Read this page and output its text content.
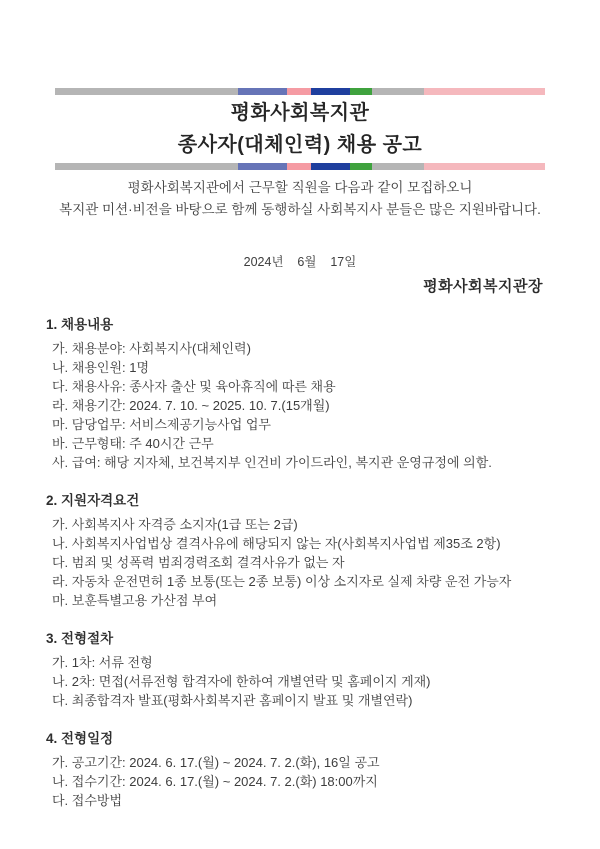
평화사회복지관
종사자(대체인력) 채용 공고
평화사회복지관에서 근무할 직원을 다음과 같이 모집하오니
복지관 미션·비전을 바탕으로 함께 동행하실 사회복지사 분들은 많은 지원바랍니다.
2024년    6월    17일
평화사회복지관장
1. 채용내용
가. 채용분야: 사회복지사(대체인력)
나. 채용인원: 1명
다. 채용사유: 종사자 출산 및 육아휴직에 따른 채용
라. 채용기간: 2024. 7. 10. ~ 2025. 10. 7.(15개월)
마. 담당업무: 서비스제공기능사업 업무
바. 근무형태: 주 40시간 근무
사. 급여: 해당 지자체, 보건복지부 인건비 가이드라인, 복지관 운영규정에 의함.
2. 지원자격요건
가. 사회복지사 자격증 소지자(1급 또는 2급)
나. 사회복지사업법상 결격사유에 해당되지 않는 자(사회복지사업법 제35조 2항)
다. 범죄 및 성폭력 범죄경력조회 결격사유가 없는 자
라. 자동차 운전면허 1종 보통(또는 2종 보통) 이상 소지자로 실제 차량 운전 가능자
마. 보훈특별고용 가산점 부여
3. 전형절차
가. 1차: 서류 전형
나. 2차: 면접(서류전형 합격자에 한하여 개별연락 및 홈페이지 게재)
다. 최종합격자 발표(평화사회복지관 홈페이지 발표 및 개별연락)
4. 전형일정
가. 공고기간: 2024. 6. 17.(월) ~ 2024. 7. 2.(화), 16일 공고
나. 접수기간: 2024. 6. 17.(월) ~ 2024. 7. 2.(화) 18:00까지
다. 접수방법
